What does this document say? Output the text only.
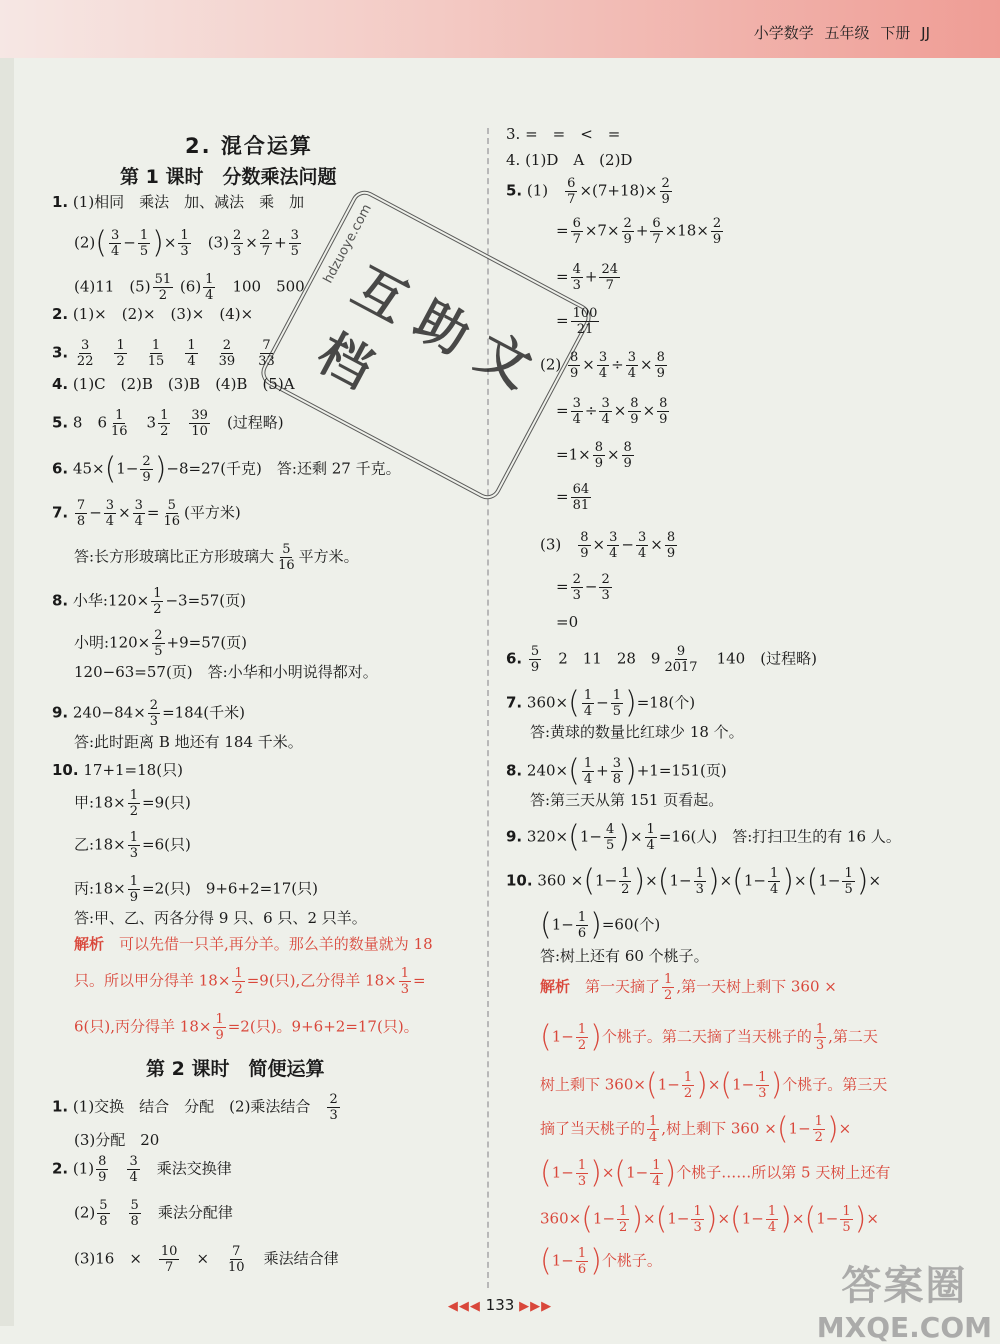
小学数学 五年级 下册 JJ
2. 混合运算
第 1 课时　分数乘法问题
1. (1)相同　乘法　加、减法　乘　加
$(2)( \frac{3}{4} - \frac{1}{5}$ )× $\frac{1}{3}$ 　$(3) \frac{2}{3} \times \frac{2}{7} + \frac{3}{5}$
(4)11　$(5) \frac{51}{2} (6) \frac{1}{4}$
　 100　500
2. (1)×　(2)×　(3)×　(4)×
3. $\frac{3}{22}$
　 $\frac{1}{2}$
　 $\frac{1}{15}$
　 $\frac{1}{4}$
　 $\frac{2}{39}$
　 $\frac{7}{33}$
4. (1)C　(2)B　(3)B　(4)B　(5)A
5. 8　$6 \frac{1}{16}$ 　$3 \frac{1}{2}$
　 $\frac{39}{10}$
　 (过程略)
6. $45\times(1- \frac{2}{9} )-8=27$(千克)　答:还剩 27 千克。
7. $\frac{7}{8} - \frac{3}{4} \times \frac{3}{4} = \frac{5}{16}$ (平方米)
答:长方形玻璃比正方形玻璃大 $\frac{5}{16}$ 平方米。
8. 小华:120× $\frac{1}{2} -3=57$(页)
小明:120× $\frac{2}{5} +9=57$(页)
120−63=57(页)　答:小华和小明说得都对。
9. $240-84\times \frac{2}{3} =184$(千米)
答:此时距离 B 地还有 184 千米。
10. 17+1=18(只)
甲:18× $\frac{1}{2} =9$(只)
乙:18× $\frac{1}{3} =6$(只)
丙:18× $\frac{1}{9} =2$(只)　9+6+2=17(只)
答:甲、乙、丙各分得 9 只、6 只、2 只羊。
解析　 可以先借一只羊,再分羊。那么羊的数量就为 18
只。所以甲分得羊 $18\times \frac{1}{2} =9$(只),乙分得羊 $18\times \frac{1}{3}$ =
6(只),丙分得羊 $18\times \frac{1}{9} =2$(只)。9+6+2=17(只)。
第 2 课时　简便运算
1. (1)交换　结合　分配　(2)乘法结合　 $\frac{2}{3}$
(3)分配　20
2. $(1) \frac{8}{9}$
　 $\frac{3}{4}$
　 乘法交换律
$(2) \frac{5}{8}$
　 $\frac{5}{8}$
　 乘法分配律
(3)16　×　 $\frac{10}{7}$ 　×　 $\frac{7}{10}$
　 乘法结合律
3. =　=　<　=
4. (1)D　A　(2)D
5. (1)　 $\frac{6}{7} \times(7+18)\times \frac{2}{9}$
= $\frac{6}{7} \times 7\times \frac{2}{9} + \frac{6}{7} \times 18\times \frac{2}{9}$
= $\frac{4}{3} + \frac{24}{7}$
= $\frac{100}{21}$
$(2) \frac{8}{9} \times \frac{3}{4} \div \frac{3}{4} \times \frac{8}{9}$
= $\frac{3}{4} \div \frac{3}{4} \times \frac{8}{9} \times \frac{8}{9}$
$=1\times \frac{8}{9} \times \frac{8}{9}$
= $\frac{64}{81}$
(3)　 $\frac{8}{9} \times \frac{3}{4} - \frac{3}{4} \times \frac{8}{9}$
= $\frac{2}{3} - \frac{2}{3}$
=0
6. $\frac{5}{9}$
　 2　11　28　$9 \frac{9}{2017}$
　 140　(过程略)
7. $360\times( \frac{1}{4} - \frac{1}{5} )=18$(个)
答:黄球的数量比红球少 18 个。
8. $240\times( \frac{1}{4} + \frac{3}{8} )+1=151$(页)
答:第三天从第 151 页看起。
9. $320\times(1- \frac{4}{5}$ )× $\frac{1}{4} =16$(人)　答:打扫卫生的有 16 人。
10. $360 \times(1- \frac{1}{2} )\times(1- \frac{1}{3} )\times(1- \frac{1}{4} )\times(1- \frac{1}{5}$ )×
$(1- \frac{1}{6} )=60$(个)
答:树上还有 60 个桃子。
解析　 第一天摘了 $\frac{1}{2}$ ,第一天树上剩下 360 ×
($1- \frac{1}{2}$ )个桃子。第二天摘了当天桃子的 $\frac{1}{3}$ ,第二天
树上剩下 $360\times(1- \frac{1}{2} )\times(1- \frac{1}{3}$ )个桃子。第三天
摘了当天桃子的 $\frac{1}{4}$ ,树上剩下 $360 \times(1- \frac{1}{2}$ )×
$(1- \frac{1}{3} )\times(1- \frac{1}{4}$ )个桃子……所以第 5 天树上还有
$360\times(1- \frac{1}{2} )\times(1- \frac{1}{3} )\times(1- \frac{1}{4} )\times(1- \frac{1}{5}$ )×
($1- \frac{1}{6}$ )个桃子。
hdzuoye.com
互 助 文 档
答案圈
MXQE.COM
◀◀◀ 133 ▶▶▶
